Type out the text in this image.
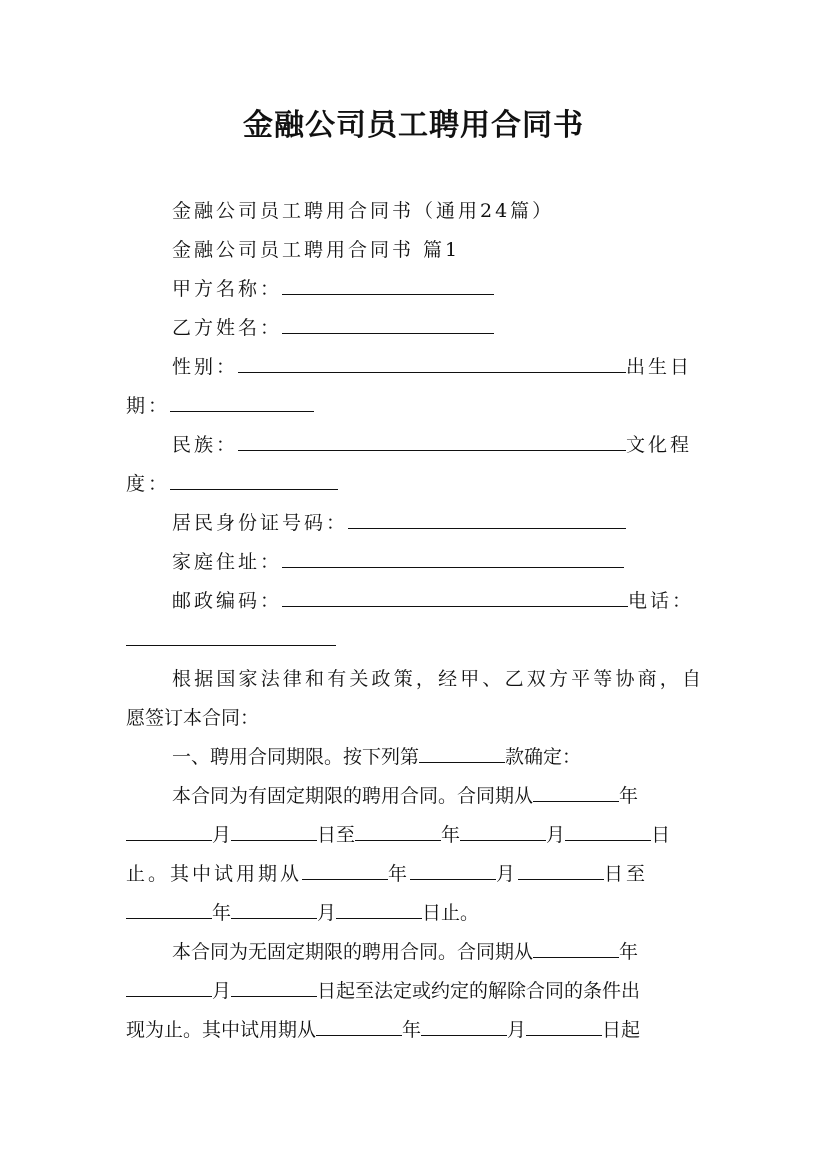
金融公司员工聘用合同书
金融公司员工聘用合同书（通用24篇）
金融公司员工聘用合同书 篇1
甲方名称：
乙方姓名：
性别：	出生日
期：
民族：	文化程
度：
居民身份证号码：
家庭住址：
邮政编码：	电话：
根据国家法律和有关政策，经甲、乙双方平等协商，自
愿签订本合同：
一、聘用合同期限。按下列第	款确定：
本合同为有固定期限的聘用合同。合同期从	年
月	日至	年	月	日
止。其中试用期从	年	月	日至
年	月	日止。
本合同为无固定期限的聘用合同。合同期从	年
月	日起至法定或约定的解除合同的条件出
现为止。其中试用期从	年	月	日起
